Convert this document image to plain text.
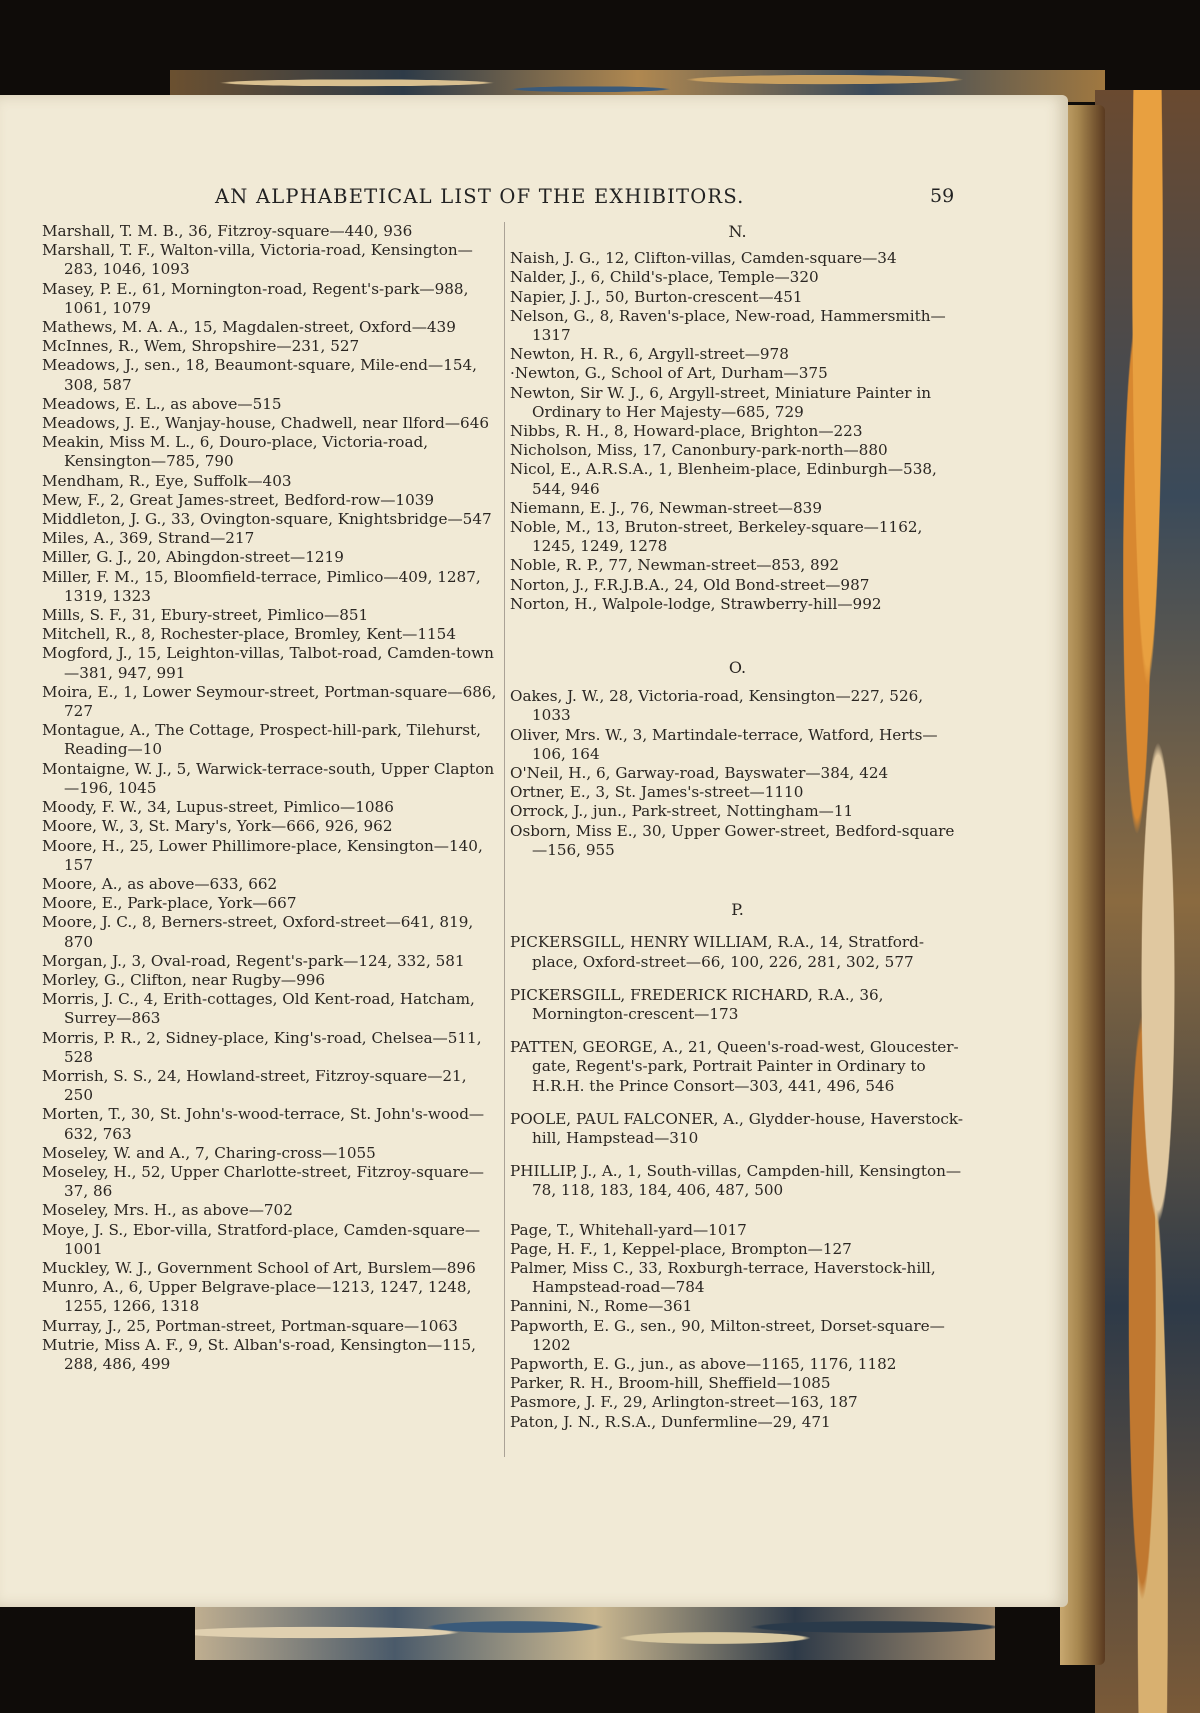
AN ALPHABETICAL LIST OF THE EXHIBITORS.	59

Marshall, T. M. B., 36, Fitzroy-square—440, 936

Marshall, T. F., Walton-villa, Victoria-road, Kensington—283, 1046, 1093

Masey, P. E., 61, Mornington-road, Regent's-park—988, 1061, 1079

Mathews, M. A. A., 15, Magdalen-street, Oxford—439

McInnes, R., Wem, Shropshire—231, 527

Meadows, J., sen., 18, Beaumont-square, Mile-end—154, 308, 587

Meadows, E. L., as above—515

Meadows, J. E., Wanjay-house, Chadwell, near Ilford—646

Meakin, Miss M. L., 6, Douro-place, Victoria-road, Kensington—785, 790

Mendham, R., Eye, Suffolk—403

Mew, F., 2, Great James-street, Bedford-row—1039

Middleton, J. G., 33, Ovington-square, Knightsbridge—547

Miles, A., 369, Strand—217

Miller, G. J., 20, Abingdon-street—1219

Miller, F. M., 15, Bloomfield-terrace, Pimlico—409, 1287, 1319, 1323

Mills, S. F., 31, Ebury-street, Pimlico—851

Mitchell, R., 8, Rochester-place, Bromley, Kent—1154

Mogford, J., 15, Leighton-villas, Talbot-road, Camden-town—381, 947, 991

Moira, E., 1, Lower Seymour-street, Portman-square—686, 727

Montague, A., The Cottage, Prospect-hill-park, Tilehurst, Reading—10

Montaigne, W. J., 5, Warwick-terrace-south, Upper Clapton—196, 1045

Moody, F. W., 34, Lupus-street, Pimlico—1086

Moore, W., 3, St. Mary's, York—666, 926, 962

Moore, H., 25, Lower Phillimore-place, Kensington—140, 157

Moore, A., as above—633, 662

Moore, E., Park-place, York—667

Moore, J. C., 8, Berners-street, Oxford-street—641, 819, 870

Morgan, J., 3, Oval-road, Regent's-park—124, 332, 581

Morley, G., Clifton, near Rugby—996

Morris, J. C., 4, Erith-cottages, Old Kent-road, Hatcham, Surrey—863

Morris, P. R., 2, Sidney-place, King's-road, Chelsea—511, 528

Morrish, S. S., 24, Howland-street, Fitzroy-square—21, 250

Morten, T., 30, St. John's-wood-terrace, St. John's-wood—632, 763

Moseley, W. and A., 7, Charing-cross—1055

Moseley, H., 52, Upper Charlotte-street, Fitzroy-square—37, 86

Moseley, Mrs. H., as above—702

Moye, J. S., Ebor-villa, Stratford-place, Camden-square—1001

Muckley, W. J., Government School of Art, Burslem—896

Munro, A., 6, Upper Belgrave-place—1213, 1247, 1248, 1255, 1266, 1318

Murray, J., 25, Portman-street, Portman-square—1063

Mutrie, Miss A. F., 9, St. Alban's-road, Kensington—115, 288, 486, 499

N.

Naish, J. G., 12, Clifton-villas, Camden-square—34

Nalder, J., 6, Child's-place, Temple—320

Napier, J. J., 50, Burton-crescent—451

Nelson, G., 8, Raven's-place, New-road, Hammersmith—1317

Newton, H. R., 6, Argyll-street—978

·Newton, G., School of Art, Durham—375

Newton, Sir W. J., 6, Argyll-street, Miniature Painter in Ordinary to Her Majesty—685, 729

Nibbs, R. H., 8, Howard-place, Brighton—223

Nicholson, Miss, 17, Canonbury-park-north—880

Nicol, E., A.R.S.A., 1, Blenheim-place, Edinburgh—538, 544, 946

Niemann, E. J., 76, Newman-street—839

Noble, M., 13, Bruton-street, Berkeley-square—1162, 1245, 1249, 1278

Noble, R. P., 77, Newman-street—853, 892

Norton, J., F.R.J.B.A., 24, Old Bond-street—987

Norton, H., Walpole-lodge, Strawberry-hill—992

O.

Oakes, J. W., 28, Victoria-road, Kensington—227, 526, 1033

Oliver, Mrs. W., 3, Martindale-terrace, Watford, Herts—106, 164

O'Neil, H., 6, Garway-road, Bayswater—384, 424

Ortner, E., 3, St. James's-street—1110

Orrock, J., jun., Park-street, Nottingham—11

Osborn, Miss E., 30, Upper Gower-street, Bedford-square—156, 955

P.

PICKERSGILL, HENRY WILLIAM, R.A., 14, Stratford-place, Oxford-street—66, 100, 226, 281, 302, 577

PICKERSGILL, FREDERICK RICHARD, R.A., 36, Mornington-crescent—173

PATTEN, GEORGE, A., 21, Queen's-road-west, Gloucester-gate, Regent's-park, Portrait Painter in Ordinary to H.R.H. the Prince Consort—303, 441, 496, 546

POOLE, PAUL FALCONER, A., Glydder-house, Haverstock-hill, Hampstead—310

PHILLIP, J., A., 1, South-villas, Campden-hill, Kensington—78, 118, 183, 184, 406, 487, 500

Page, T., Whitehall-yard—1017

Page, H. F., 1, Keppel-place, Brompton—127

Palmer, Miss C., 33, Roxburgh-terrace, Haverstock-hill, Hampstead-road—784

Pannini, N., Rome—361

Papworth, E. G., sen., 90, Milton-street, Dorset-square—1202

Papworth, E. G., jun., as above—1165, 1176, 1182

Parker, R. H., Broom-hill, Sheffield—1085

Pasmore, J. F., 29, Arlington-street—163, 187

Paton, J. N., R.S.A., Dunfermline—29, 471
